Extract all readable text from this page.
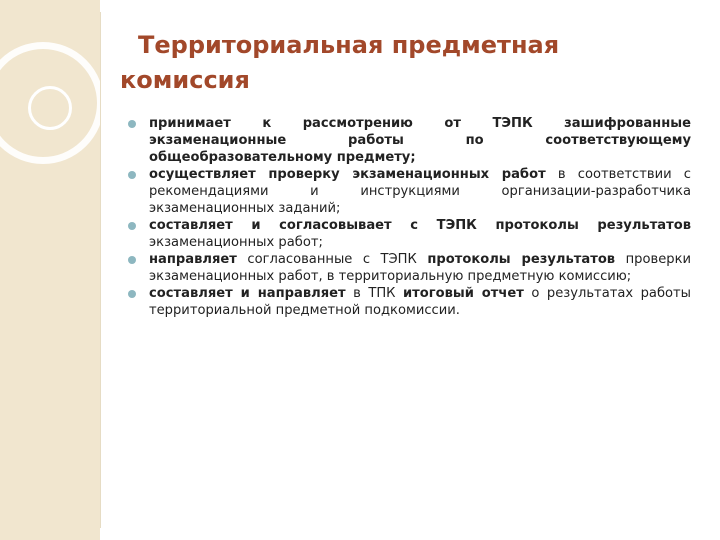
Территориальная предметная
комиссия
принимает к рассмотрению от ТЭПК зашифрованные экзаменационные работы по соответствующему общеобразовательному предмету;
осуществляет проверку экзаменационных работ в соответствии с рекомендациями и инструкциями организации-разработчика экзаменационных заданий;
составляет и согласовывает с ТЭПК протоколы результатов экзаменационных работ;
направляет согласованные с ТЭПК протоколы результатов проверки экзаменационных работ, в территориальную предметную комиссию;
составляет и направляет в ТПК итоговый отчет о результатах работы территориальной предметной подкомиссии.
